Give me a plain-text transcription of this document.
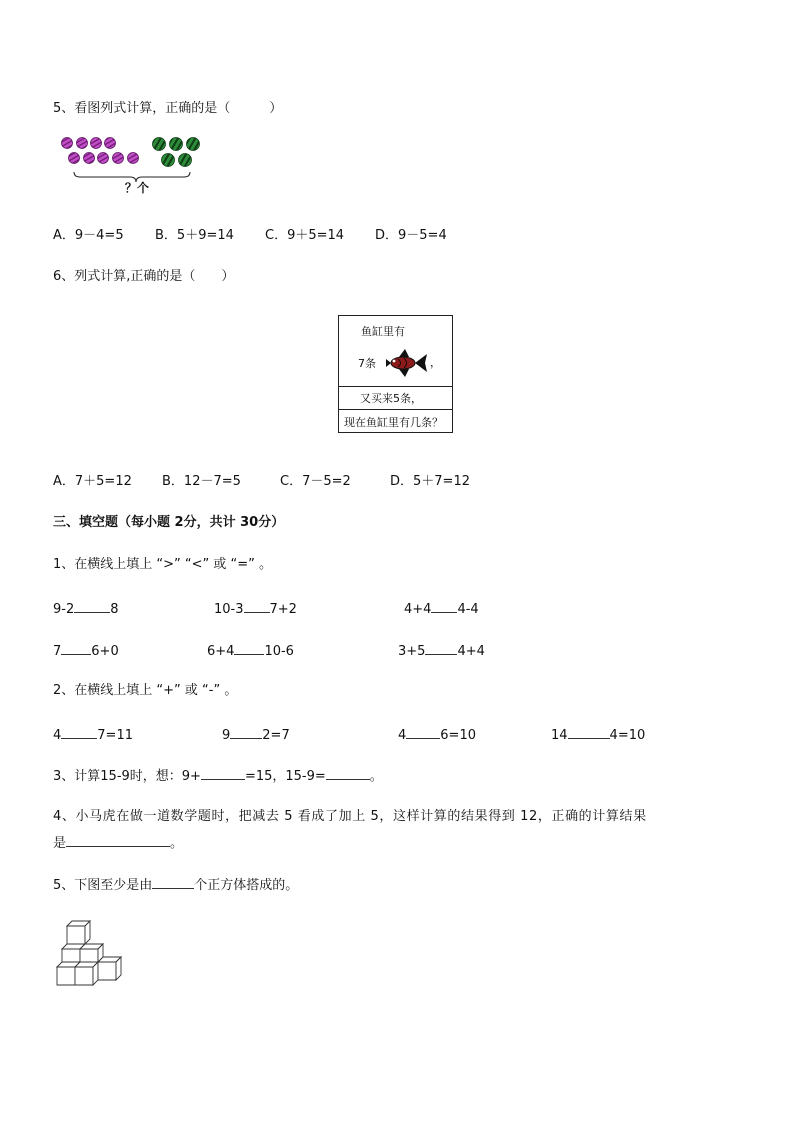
5、看图列式计算，正确的是（　　　）
？个
A．9－4=5 B．5＋9=14 C．9＋5=14 D．9－5=4
6、列式计算,正确的是（　　）
鱼缸里有
7条	，
又买来5条，
现在鱼缸里有几条？
A．7＋5=12 B．12－7=5	C．7－5=2	D．5＋7=12
三、填空题（每小题 2分，共计 30分）
1、在横线上填上 “>” “<” 或 “=” 。
9-2	8	10-3 7+2	4+4 4-4
7 6+0	6+4 10-6	3+5 4+4
2、在横线上填上 “+” 或 “-” 。
4	7=11	9 2=7	4	6=10	14	4=10
3、计算15-9时，想：9+	=15，15-9=	。
4、小马虎在做一道数学题时，把减去 5 看成了加上 5，这样计算的结果得到 12，正确的计算结果
是	。
5、下图至少是由	个正方体搭成的。
